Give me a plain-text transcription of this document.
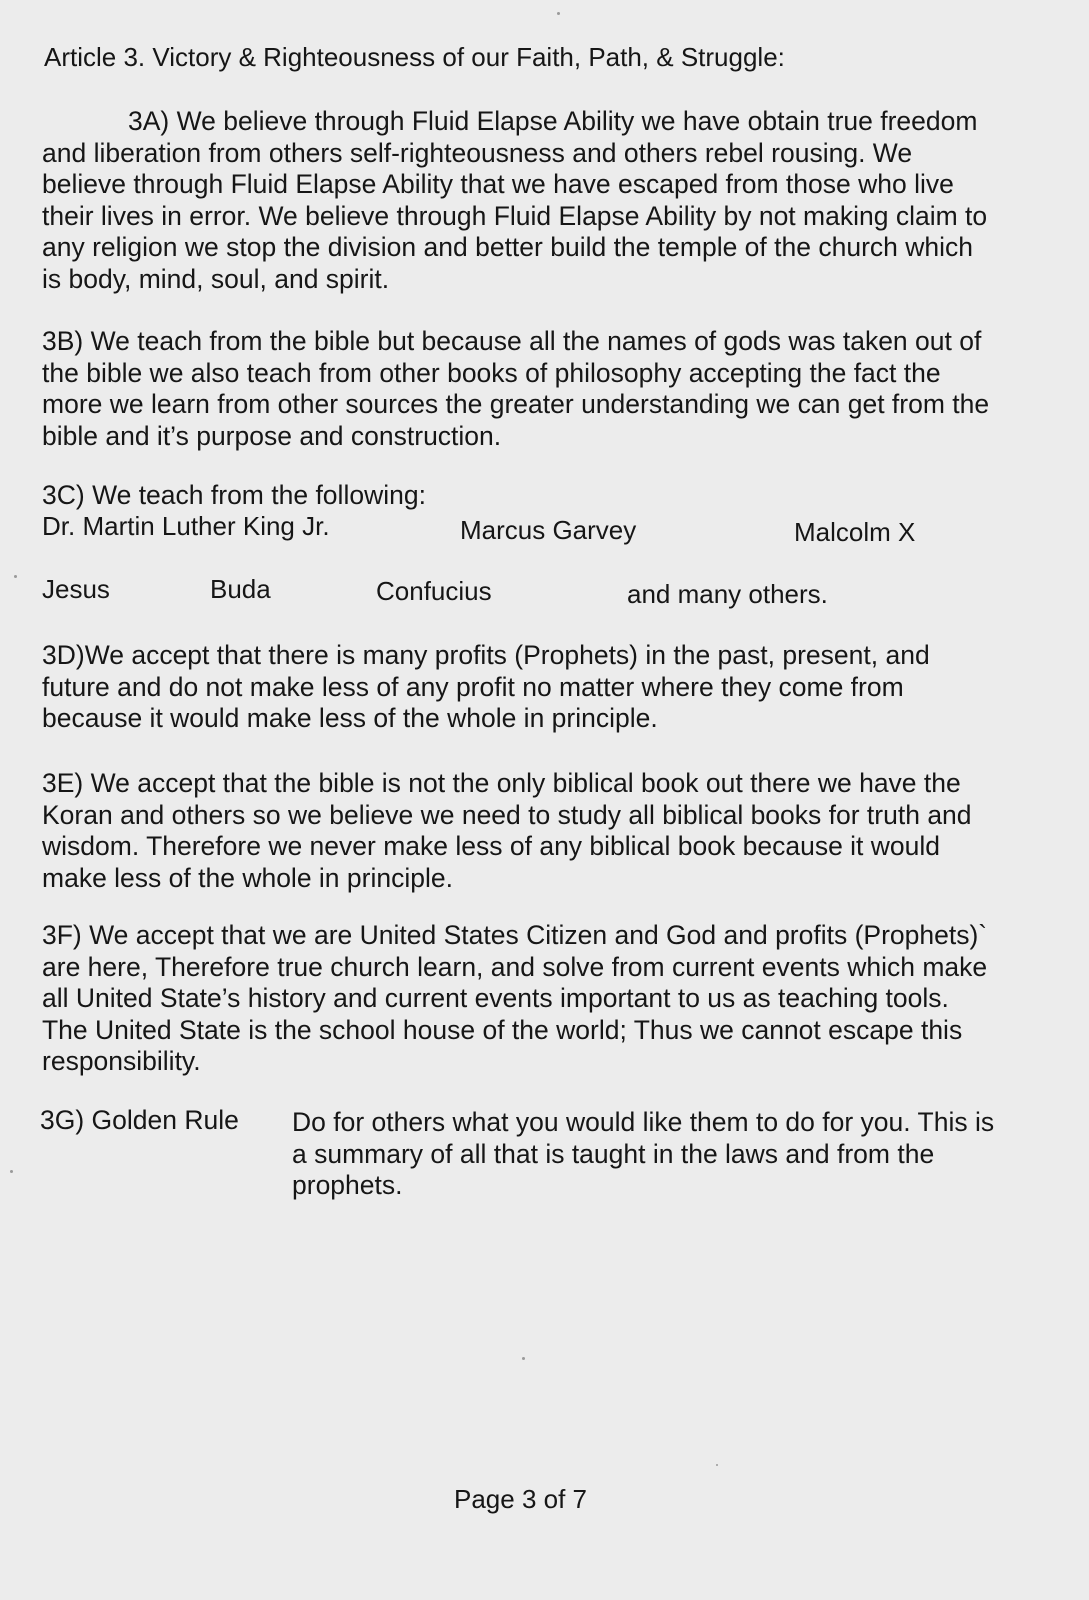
Article 3. Victory & Righteousness of our Faith, Path, & Struggle:
3A) We believe through Fluid Elapse Ability we have obtain true freedom
and liberation from others self-righteousness and others rebel rousing. We
believe through Fluid Elapse Ability that we have escaped from those who live
their lives in error. We believe through Fluid Elapse Ability by not making claim to
any religion we stop the division and better build the temple of the church which
is body, mind, soul, and spirit.
3B) We teach from the bible but because all the names of gods was taken out of
the bible we also teach from other books of philosophy accepting the fact the
more we learn from other sources the greater understanding we can get from the
bible and it’s purpose and construction.
3C) We teach from the following:
Dr. Martin Luther King Jr.	Marcus Garvey	Malcolm X
Jesus	Buda	Confucius	and many others.
3D)We accept that there is many profits (Prophets) in the past, present, and
future and do not make less of any profit no matter where they come from
because it would make less of the whole in principle.
3E) We accept that the bible is not the only biblical book out there we have the
Koran and others so we believe we need to study all biblical books for truth and
wisdom. Therefore we never make less of any biblical book because it would
make less of the whole in principle.
3F) We accept that we are United States Citizen and God and profits (Prophets)`
are here, Therefore true church learn, and solve from current events which make
all United State’s history and current events important to us as teaching tools.
The United State is the school house of the world; Thus we cannot escape this
responsibility.
3G) Golden Rule Do for others what you would like them to do for you. This is
a summary of all that is taught in the laws and from the
prophets.
Page 3 of 7
